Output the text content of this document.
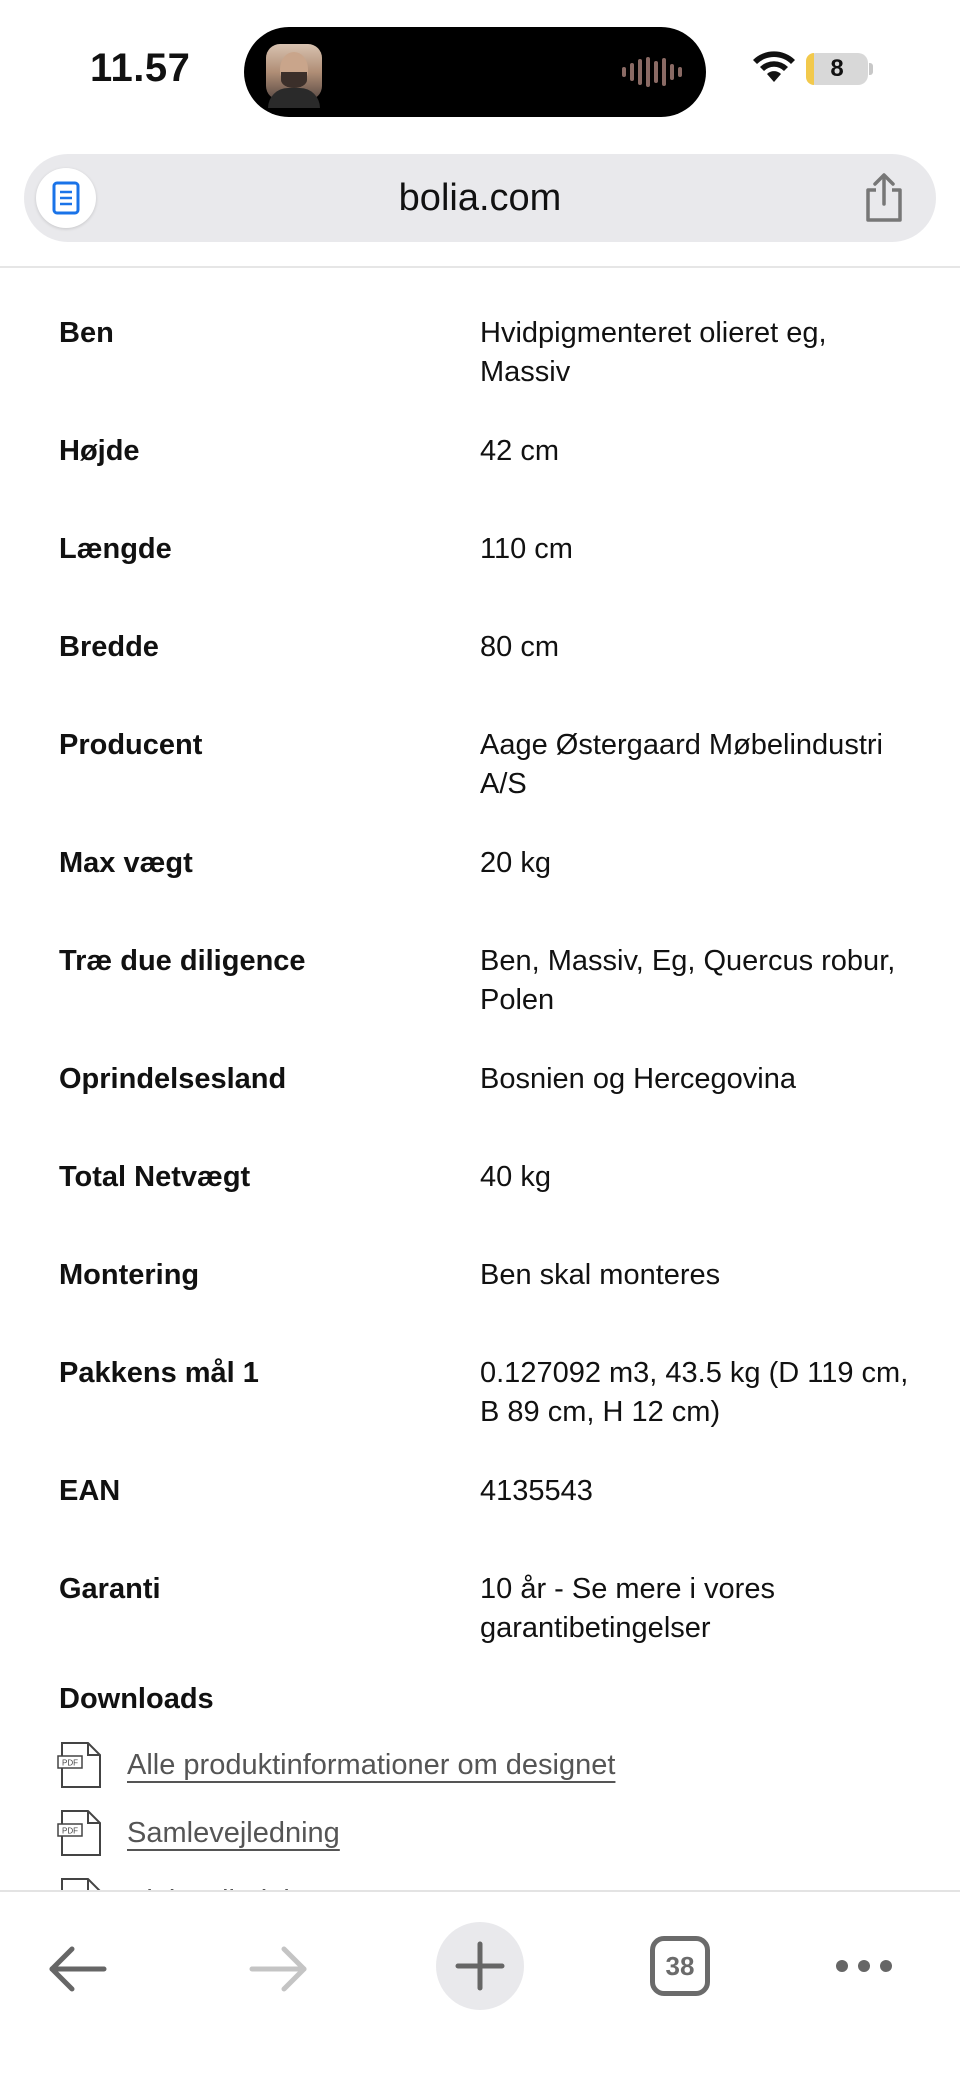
11.57	8
bolia.com
Ben	Hvidpigmenteret olieret eg, Massiv
Højde	42 cm
Længde	110 cm
Bredde	80 cm
Producent	Aage Østergaard Møbelindustri A/S
Max vægt	20 kg
Træ due diligence	Ben, Massiv, Eg, Quercus robur, Polen
Oprindelsesland	Bosnien og Hercegovina
Total Netvægt	40 kg
Montering	Ben skal monteres
Pakkens mål 1	0.127092 m3, 43.5 kg (D 119 cm, B 89 cm, H 12 cm)
EAN	4135543
Garanti	10 år - Se mere i vores garantibetingelser
Downloads
PDF Alle produktinformationer om designet
PDF Samlevejledning
38
